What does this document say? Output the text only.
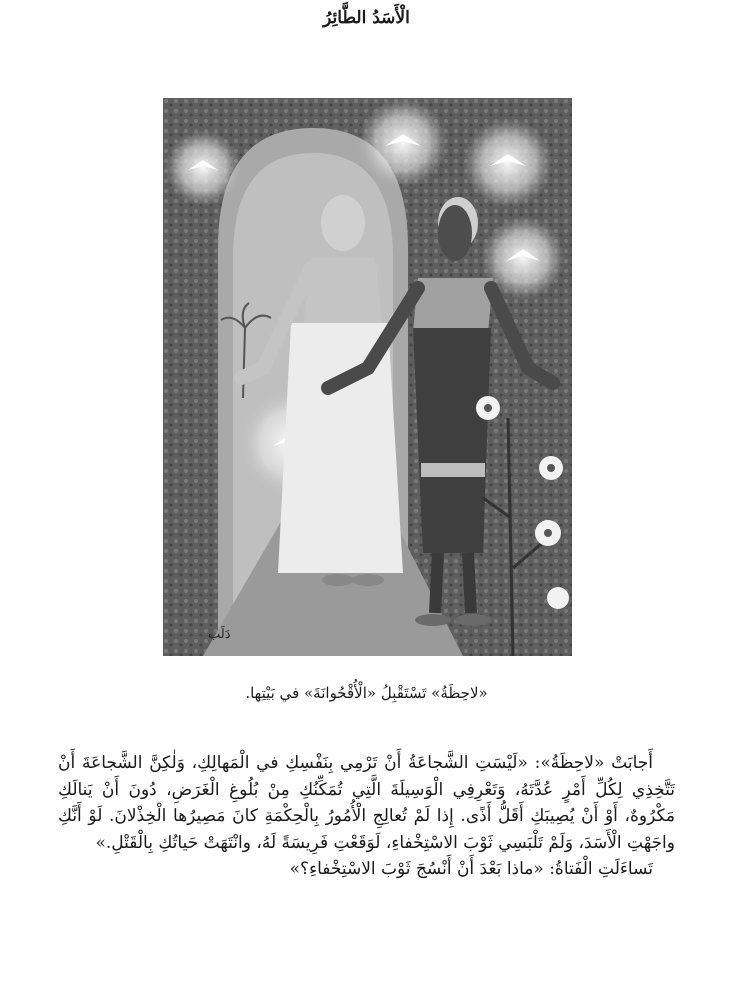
الْأَسَدُ الطَّائِرُ
دَلَب
«لاحِظَةُ» تَسْتَقْبِلُ «الْأُقْحُوانَةَ» في بَيْتِها.

أَجابَتْ «لاحِظَةُ»: «لَيْسَتِ الشَّجاعَةُ أَنْ تَرْمِي بِنَفْسِكِ في الْمَهالِكِ، وَلٰكِنَّ الشَّجاعَةَ أَنْ تَتَّخِذِي لِكُلِّ أَمْرٍ عُدَّتَهُ، وَتَعْرِفِي الْوَسِيلَةَ الَّتِي تُمَكِّنُكِ مِنْ بُلُوغِ الْغَرَضِ، دُونَ أَنْ يَنالَكِ مَكْرُوهٌ، أَوْ أَنْ يُصِيبَكِ أَقَلُّ أَذًى. إِذا لَمْ تُعالِجِ الْأُمُورُ بِالْحِكْمَةِ كانَ مَصِيرُها الْخِذْلانَ. لَوْ أَنَّكِ واجَهْتِ الْأَسَدَ، وَلَمْ تَلْبَسِي ثَوْبَ الاسْتِخْفاءِ، لَوَقَعْتِ فَرِيسَةً لَهُ، وانْتَهَتْ حَياتُكِ بِالْقَتْلِ.»

تَساءَلَتِ الْفَتاةُ: «ماذا بَعْدَ أَنْ أَنْسُجَ ثَوْبَ الاسْتِخْفاءِ؟»
